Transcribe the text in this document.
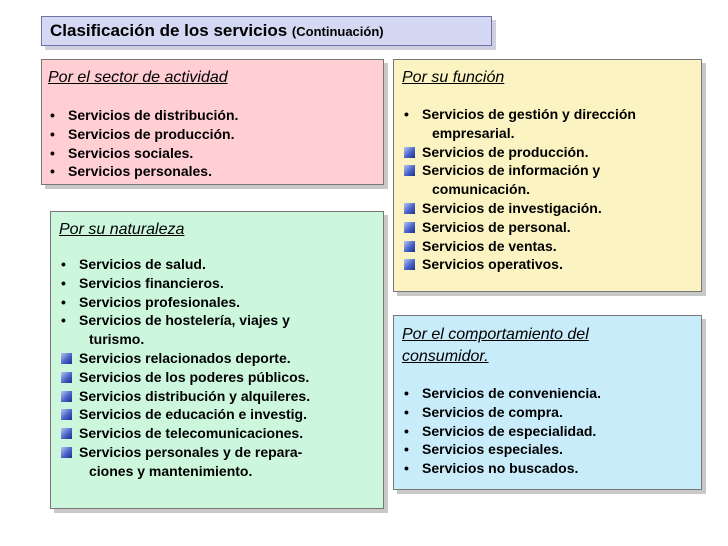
Clasificación de los servicios (Continuación)

Por el sector de actividad

• Servicios de distribución.
• Servicios de producción.
• Servicios sociales.
• Servicios personales.

Por su función

• Servicios de gestión y dirección
empresarial.
Servicios de producción.
Servicios de información y
comunicación.
Servicios de investigación.
Servicios de personal.
Servicios de ventas.
Servicios operativos.

Por su naturaleza

• Servicios de salud.
• Servicios financieros.
• Servicios profesionales.
• Servicios de hostelería, viajes y
turismo.
Servicios relacionados deporte.
Servicios de los poderes públicos.
Servicios distribución y alquileres.
Servicios de educación e investig.
Servicios de telecomunicaciones.
Servicios personales y de repara-
ciones y mantenimiento.

Por el comportamiento del
consumidor.

• Servicios de conveniencia.
• Servicios de compra.
• Servicios de especialidad.
• Servicios especiales.
• Servicios no buscados.
